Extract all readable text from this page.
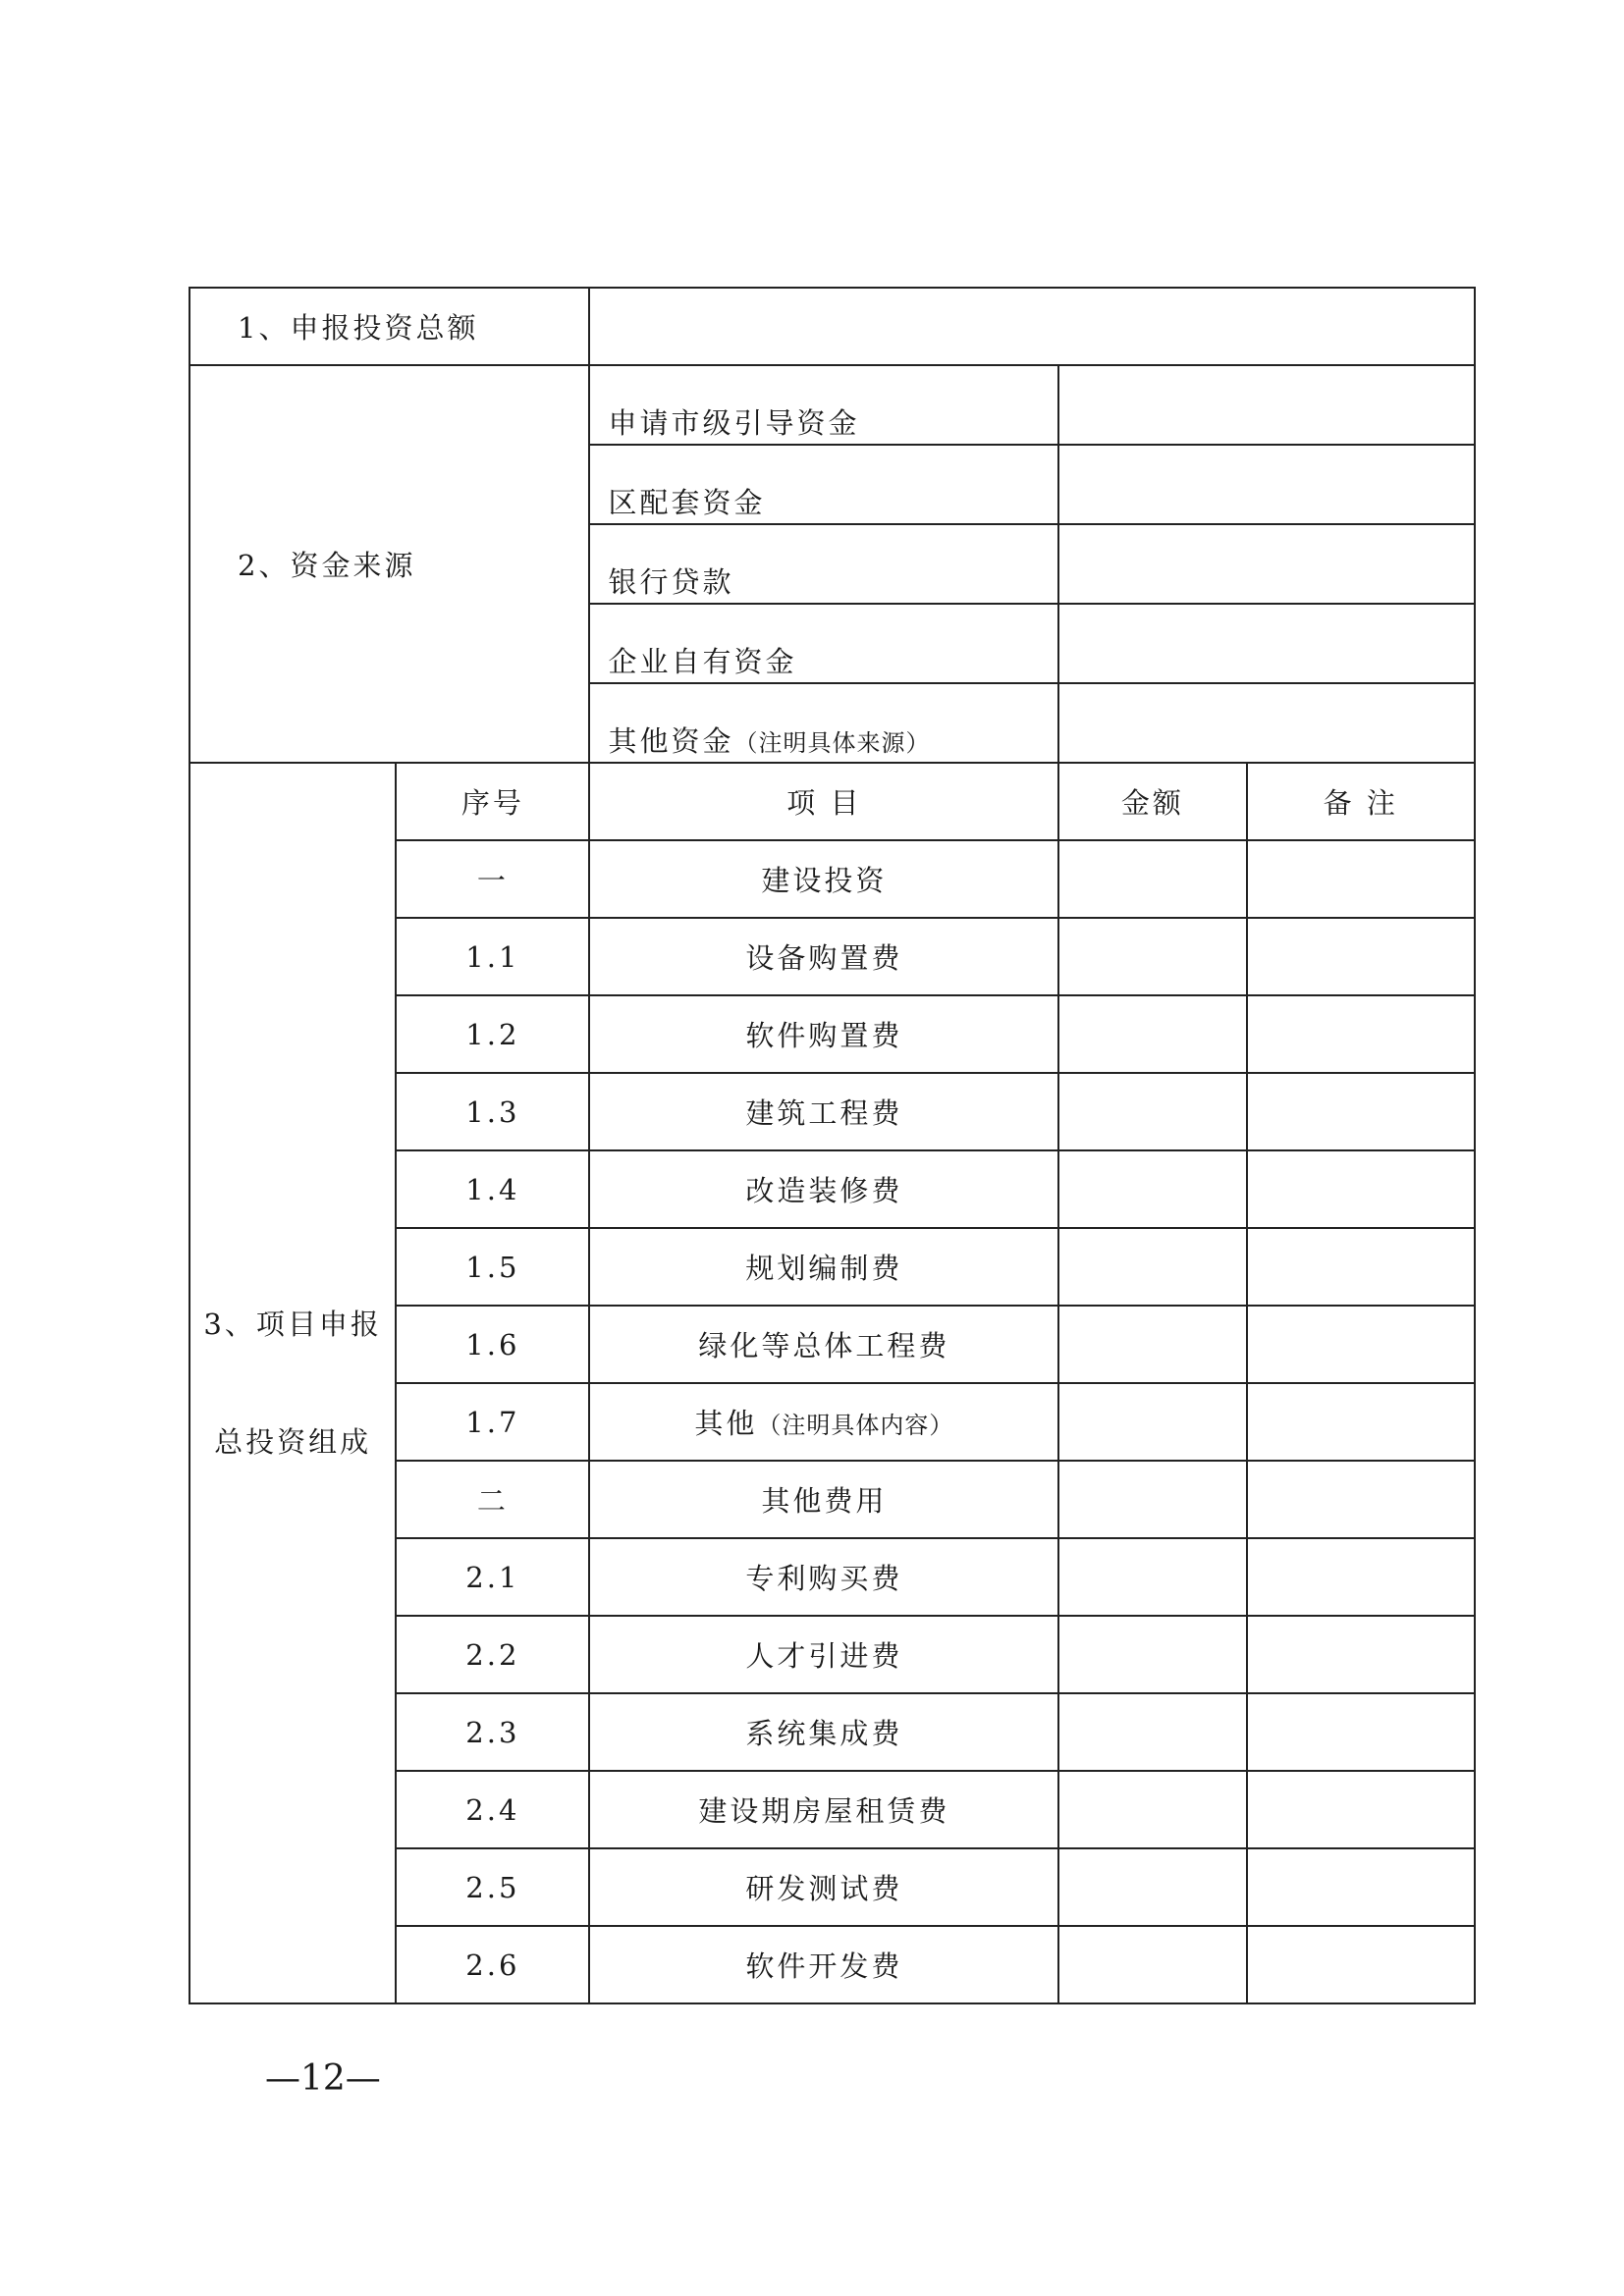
1、申报投资总额				
2、资金来源		申请市级引导资金		
		区配套资金		
		银行贷款		
		企业自有资金		
		其他资金（注明具体来源）		

3、项目申报
总投资组成	序号	项 目	金额	备 注
	一	建设投资		
	1.1	设备购置费		
	1.2	软件购置费		
	1.3	建筑工程费		
	1.4	改造装修费		
	1.5	规划编制费		
	1.6	绿化等总体工程费		
	1.7	其他（注明具体内容）		
	二	其他费用		
	2.1	专利购买费		
	2.2	人才引进费		
	2.3	系统集成费		
	2.4	建设期房屋租赁费		
	2.5	研发测试费		
	2.6	软件开发费		
—12—
